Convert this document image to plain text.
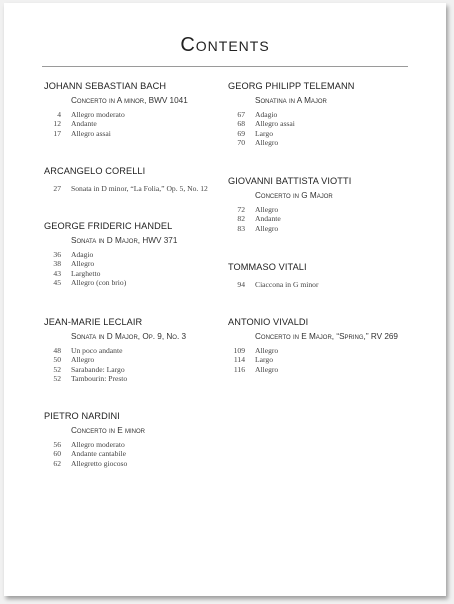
Contents
JOHANN SEBASTIAN BACH
Concerto in A minor, BWV 1041
4 Allegro moderato
12 Andante
17 Allegro assai
ARCANGELO CORELLI
27 Sonata in D minor, “La Folia,” Op. 5, No. 12
GEORGE FRIDERIC HANDEL
Sonata in D Major, HWV 371
36 Adagio
38 Allegro
43 Larghetto
45 Allegro (con brio)
JEAN-MARIE LECLAIR
Sonata in D Major, Op. 9, No. 3
48 Un poco andante
50 Allegro
52 Sarabande: Largo
52 Tambourin: Presto
PIETRO NARDINI
Concerto in E minor
56 Allegro moderato
60 Andante cantabile
62 Allegretto giocoso
GEORG PHILIPP TELEMANN
Sonatina in A Major
67 Adagio
68 Allegro assai
69 Largo
70 Allegro
GIOVANNI BATTISTA VIOTTI
Concerto in G Major
72 Allegro
82 Andante
83 Allegro
TOMMASO VITALI
94 Ciaccona in G minor
ANTONIO VIVALDI
Concerto in E Major, “Spring,” RV 269
109 Allegro
114 Largo
116 Allegro
